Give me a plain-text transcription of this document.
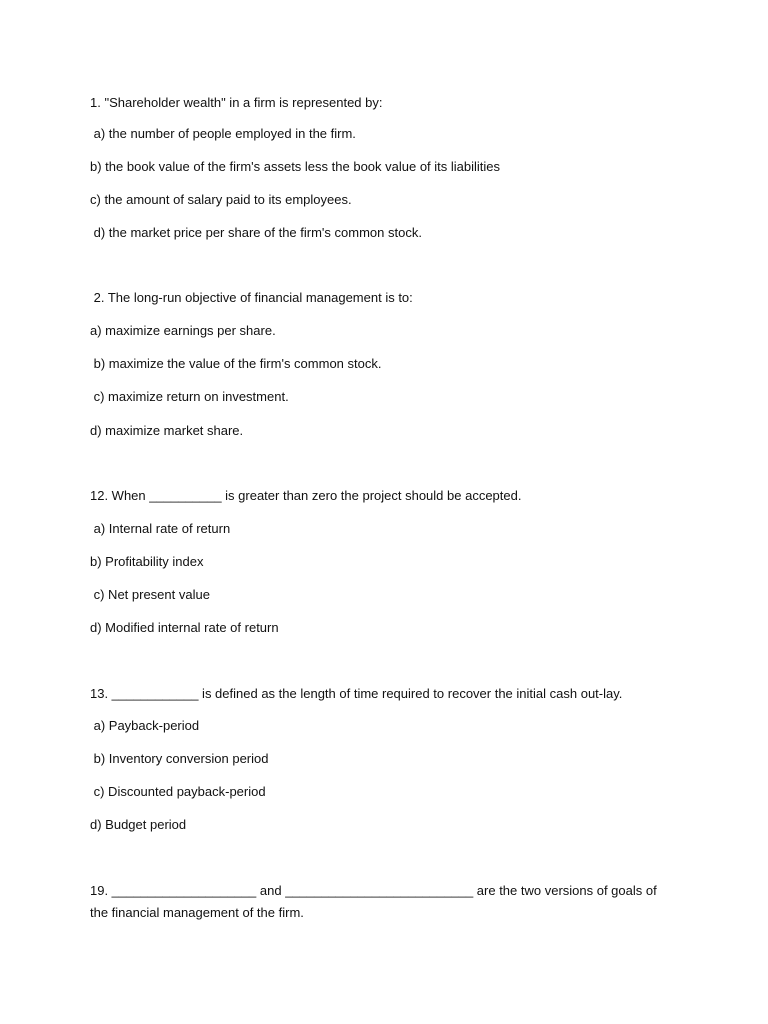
1. "Shareholder wealth" in a firm is represented by:
a) the number of people employed in the firm.
b) the book value of the firm's assets less the book value of its liabilities
c) the amount of salary paid to its employees.
d) the market price per share of the firm's common stock.
2. The long-run objective of financial management is to:
a) maximize earnings per share.
b) maximize the value of the firm's common stock.
c) maximize return on investment.
d) maximize market share.
12. When __________ is greater than zero the project should be accepted.
a) Internal rate of return
b) Profitability index
c) Net present value
d) Modified internal rate of return
13. ____________ is defined as the length of time required to recover the initial cash out-lay.
a) Payback-period
b) Inventory conversion period
c) Discounted payback-period
d) Budget period
19. ____________________ and __________________________ are the two versions of goals of the financial management of the firm.
